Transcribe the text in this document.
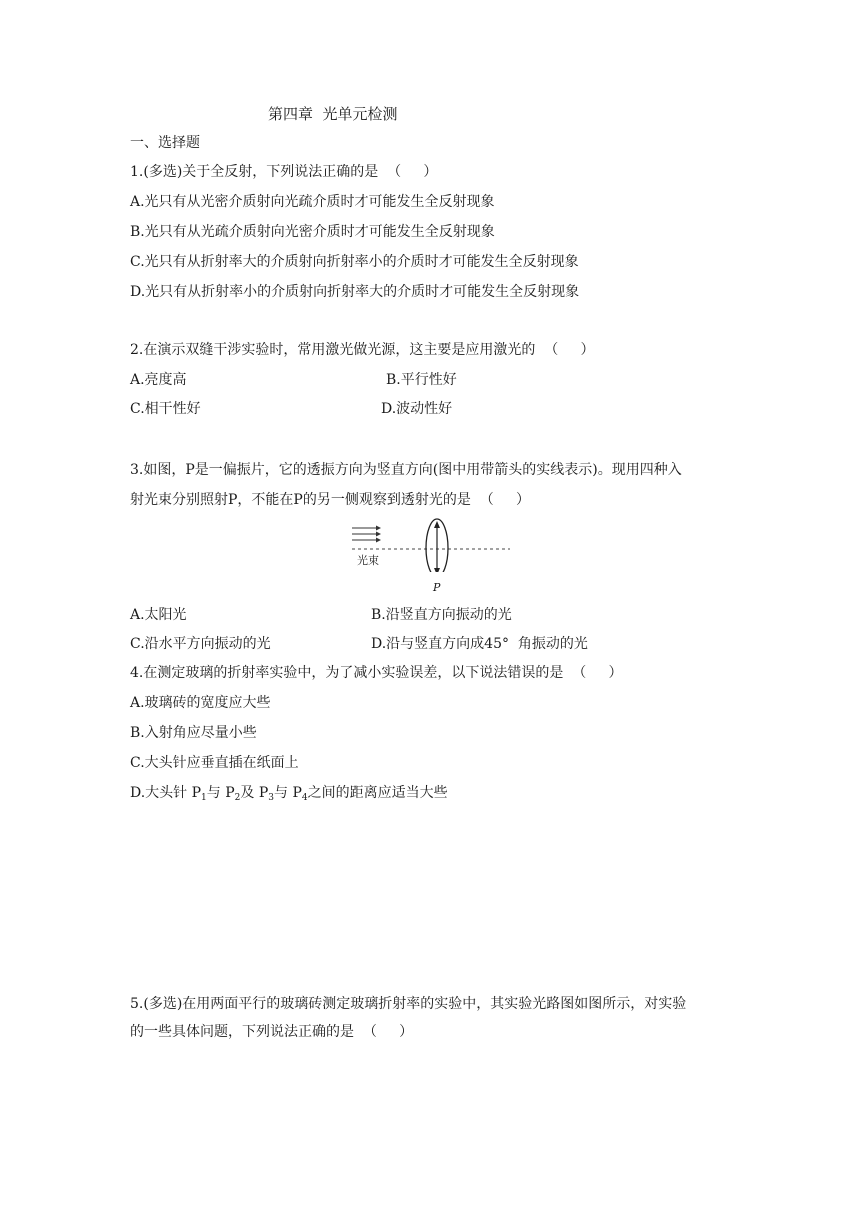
第四章  光单元检测
一、选择题
1.(多选)关于全反射，下列说法正确的是  （     ）
A.光只有从光密介质射向光疏介质时才可能发生全反射现象
B.光只有从光疏介质射向光密介质时才可能发生全反射现象
C.光只有从折射率大的介质射向折射率小的介质时才可能发生全反射现象
D.光只有从折射率小的介质射向折射率大的介质时才可能发生全反射现象
2.在演示双缝干涉实验时，常用激光做光源，这主要是应用激光的  （     ）
A.亮度高	B.平行性好
C.相干性好	D.波动性好
3.如图，P是一偏振片，它的透振方向为竖直方向(图中用带箭头的实线表示)。现用四种入
射光束分别照射P，不能在P的另一侧观察到透射光的是  （     ）
光束
P
A.太阳光	B.沿竖直方向振动的光
C.沿水平方向振动的光	D.沿与竖直方向成45°  角振动的光
4.在测定玻璃的折射率实验中，为了减小实验误差，以下说法错误的是  （     ）
A.玻璃砖的宽度应大些
B.入射角应尽量小些
C.大头针应垂直插在纸面上
D.大头针 $P_1$与 $P_2$及 $P_3$与 $P_4$之间的距离应适当大些
5.(多选)在用两面平行的玻璃砖测定玻璃折射率的实验中，其实验光路图如图所示，对实验
的一些具体问题，下列说法正确的是  （     ）
